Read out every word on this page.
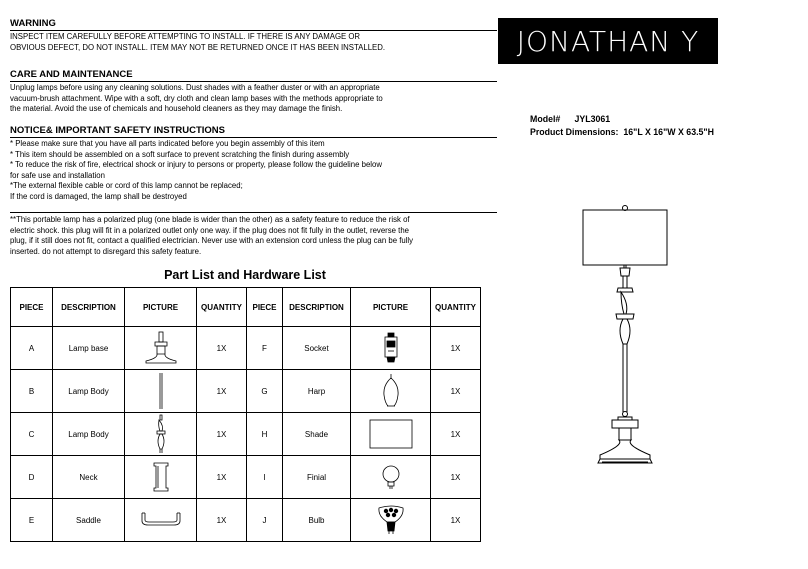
WARNING
INSPECT ITEM CAREFULLY BEFORE ATTEMPTING TO INSTALL. IF THERE IS ANY DAMAGE OR
OBVIOUS DEFECT, DO NOT INSTALL. ITEM MAY NOT BE RETURNED ONCE IT HAS BEEN INSTALLED.
CARE AND MAINTENANCE
Unplug lamps before using any cleaning solutions. Dust shades with a feather duster or with an appropriate
vacuum-brush attachment. Wipe with a soft, dry cloth and clean lamp bases with the methods appropriate to
the material. Avoid the use of chemicals and household cleaners as they may damage the finish.
NOTICE& IMPORTANT SAFETY INSTRUCTIONS
* Please make sure that you have all parts indicated before you begin assembly of this item
* This item should be assembled on a soft surface to prevent scratching the finish during assembly
* To reduce the risk of fire, electrical shock or injury to persons or property, please follow the guideline below
for safe use and installation
*The external flexible cable or cord of this lamp cannot be replaced;
If the cord is damaged, the lamp shall be destroyed
**This portable lamp has a polarized plug (one blade is wider than the other) as a safety feature to reduce the risk of
electric shock. this plug will fit in a polarized outlet only one way. if the plug does not fit fully in the outlet, reverse the
plug, if it still does not fit, contact a qualified electrician. Never use with an extension cord unless the plug can be fully
inserted. do not attempt to disregard this safety feature.
JONATHAN Y
Model# JYL3061
Product Dimensions: 16"L X 16"W X 63.5"H
Part List and Hardware List
PIECE	DESCRIPTION	PICTURE	QUANTITY	PIECE	DESCRIPTION	PICTURE	QUANTITY
A	Lamp base		1X	F	Socket		1X
B	Lamp Body		1X	G	Harp		1X
C	Lamp Body		1X	H	Shade		1X
D	Neck		1X	I	Finial		1X
E	Saddle		1X	J	Bulb		1X
